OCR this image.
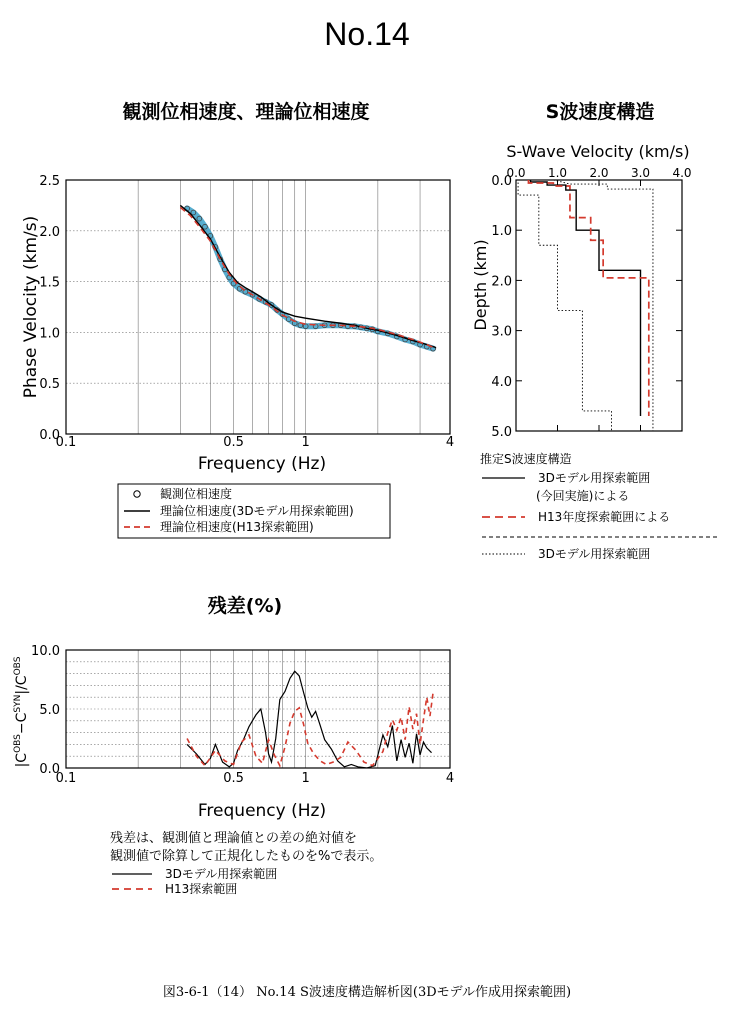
No.14
観測位相速度、理論位相速度
0.1	0.5	1	4
0.0
0.5
1.0
1.5
2.0
2.5
Frequency (Hz)
Phase Velocity (km/s)
観測位相速度
理論位相速度(3Dモデル用探索範囲)
理論位相速度(H13探索範囲)
S波速度構造
S-Wave Velocity (km/s)
0.0 1.0 2.0 3.0 4.0
0.0
1.0
2.0
3.0
4.0
5.0
Depth (km)
推定S波速度構造
3Dモデル用探索範囲
(今回実施)による
H13年度探索範囲による
3Dモデル用探索範囲
残差(%)
0.1	0.5	1	4
0.0
5.0
10.0
Frequency (Hz)
$|C^{OBS}-C^{SYN}|/C^{OBS}$
残差は、観測値と理論値との差の絶対値を
観測値で除算して正規化したものを%で表示。
3Dモデル用探索範囲
H13探索範囲
図3-6-1（14） No.14 S波速度構造解析図(3Dモデル作成用探索範囲)
